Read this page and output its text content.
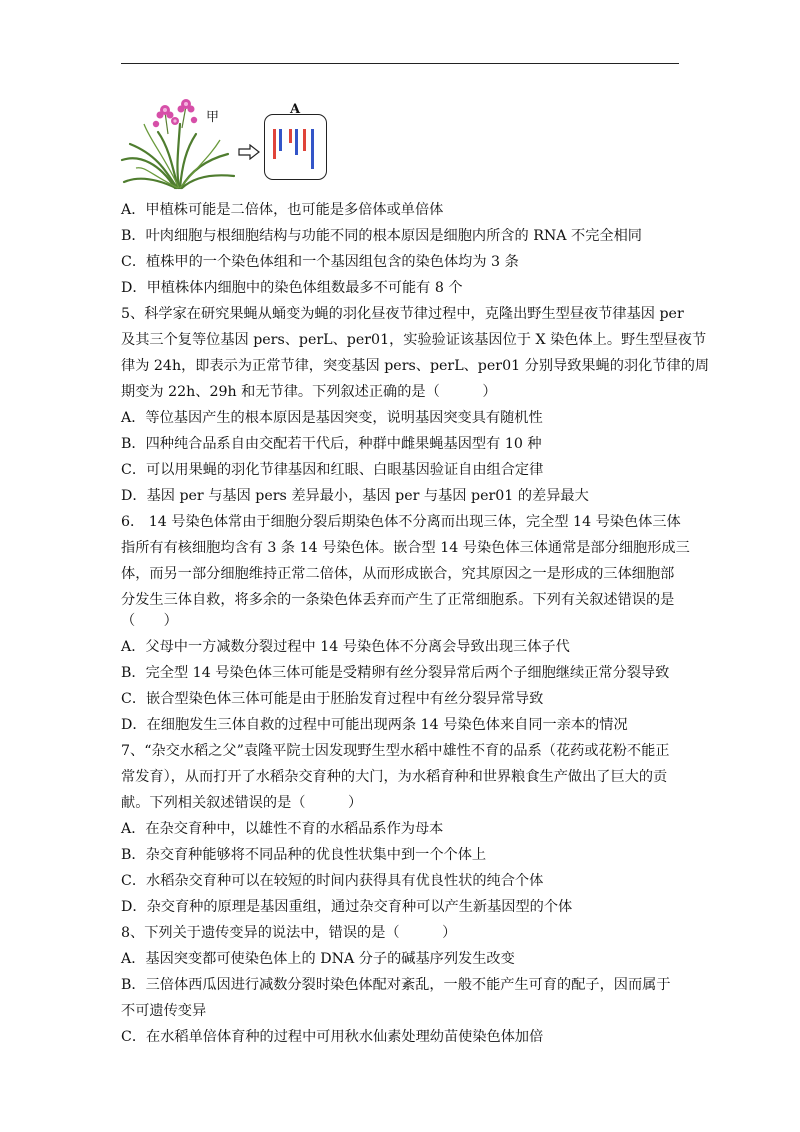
甲
A
A．甲植株可能是二倍体，也可能是多倍体或单倍体
B．叶肉细胞与根细胞结构与功能不同的根本原因是细胞内所含的 RNA 不完全相同
C．植株甲的一个染色体组和一个基因组包含的染色体均为 3 条
D．甲植株体内细胞中的染色体组数最多不可能有 8 个
5、科学家在研究果蝇从蛹变为蝇的羽化昼夜节律过程中，克隆出野生型昼夜节律基因 per
及其三个复等位基因 pers、perL、per01，实验验证该基因位于 X 染色体上。野生型昼夜节
律为 24h，即表示为正常节律，突变基因 pers、perL、per01 分别导致果蝇的羽化节律的周
期变为 22h、29h 和无节律。下列叙述正确的是（　　　）
A．等位基因产生的根本原因是基因突变，说明基因突变具有随机性
B．四种纯合品系自由交配若干代后，种群中雌果蝇基因型有 10 种
C．可以用果蝇的羽化节律基因和红眼、白眼基因验证自由组合定律
D．基因 per 与基因 pers 差异最小，基因 per 与基因 per01 的差异最大
6． 14 号染色体常由于细胞分裂后期染色体不分离而出现三体，完全型 14 号染色体三体
指所有有核细胞均含有 3 条 14 号染色体。嵌合型 14 号染色体三体通常是部分细胞形成三
体，而另一部分细胞维持正常二倍体，从而形成嵌合，究其原因之一是形成的三体细胞部
分发生三体自救，将多余的一条染色体丢弃而产生了正常细胞系。下列有关叙述错误的是
（　　）
A．父母中一方减数分裂过程中 14 号染色体不分离会导致出现三体子代
B．完全型 14 号染色体三体可能是受精卵有丝分裂异常后两个子细胞继续正常分裂导致
C．嵌合型染色体三体可能是由于胚胎发育过程中有丝分裂异常导致
D．在细胞发生三体自救的过程中可能出现两条 14 号染色体来自同一亲本的情况
7、“杂交水稻之父”袁隆平院士因发现野生型水稻中雄性不育的品系（花药或花粉不能正
常发育），从而打开了水稻杂交育种的大门，为水稻育种和世界粮食生产做出了巨大的贡
献。下列相关叙述错误的是（　　　）
A．在杂交育种中，以雄性不育的水稻品系作为母本
B．杂交育种能够将不同品种的优良性状集中到一个个体上
C．水稻杂交育种可以在较短的时间内获得具有优良性状的纯合个体
D．杂交育种的原理是基因重组，通过杂交育种可以产生新基因型的个体
8、下列关于遗传变异的说法中，错误的是（　　　）
A．基因突变都可使染色体上的 DNA 分子的碱基序列发生改变
B．三倍体西瓜因进行减数分裂时染色体配对紊乱，一般不能产生可育的配子，因而属于
不可遗传变异
C．在水稻单倍体育种的过程中可用秋水仙素处理幼苗使染色体加倍
